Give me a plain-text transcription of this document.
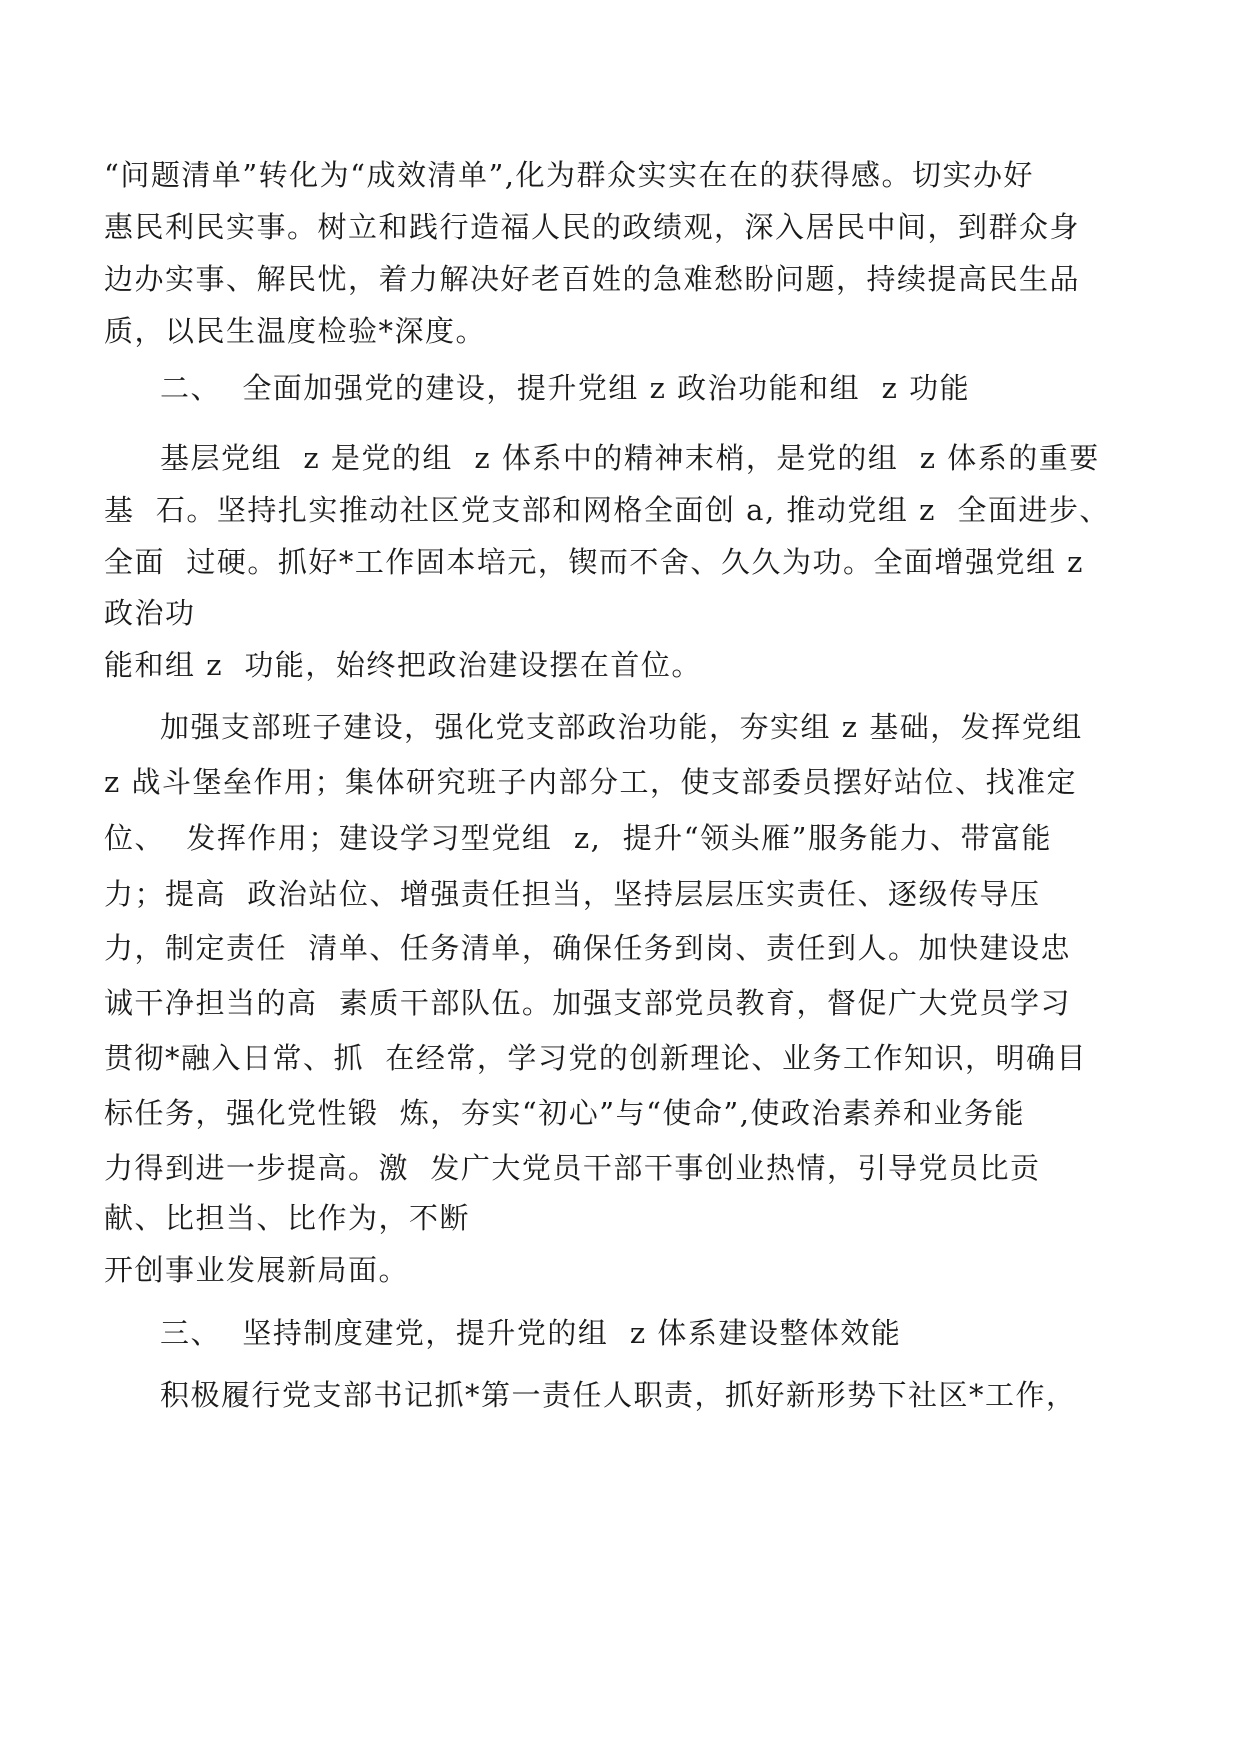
“问题清单”转化为“成效清单”,化为群众实实在在的获得感。切实办好
惠民利民实事。树立和践行造福人民的政绩观，深入居民中间，到群众身
边办实事、解民忧，着力解决好老百姓的急难愁盼问题，持续提高民生品
质，以民生温度检验*深度。
二、  全面加强党的建设，提升党组 z 政治功能和组  z 功能
基层党组  z 是党的组  z 体系中的精神末梢，是党的组  z 体系的重要
基  石。坚持扎实推动社区党支部和网格全面创 a, 推动党组 z  全面进步、
全面  过硬。抓好*工作固本培元，锲而不舍、久久为功。全面增强党组 z
政治功
能和组 z  功能，始终把政治建设摆在首位。
加强支部班子建设，强化党支部政治功能，夯实组 z 基础，发挥党组
z 战斗堡垒作用；集体研究班子内部分工，使支部委员摆好站位、找准定
位、  发挥作用；建设学习型党组  z,  提升“领头雁”服务能力、带富能
力；提高  政治站位、增强责任担当，坚持层层压实责任、逐级传导压
力，制定责任  清单、任务清单，确保任务到岗、责任到人。加快建设忠
诚干净担当的高  素质干部队伍。加强支部党员教育，督促广大党员学习
贯彻*融入日常、抓  在经常，学习党的创新理论、业务工作知识，明确目
标任务，强化党性锻  炼，夯实“初心”与“使命”,使政治素养和业务能
力得到进一步提高。激  发广大党员干部干事创业热情，引导党员比贡
献、比担当、比作为，不断
开创事业发展新局面。
三、  坚持制度建党，提升党的组  z 体系建设整体效能
积极履行党支部书记抓*第一责任人职责，抓好新形势下社区*工作，
